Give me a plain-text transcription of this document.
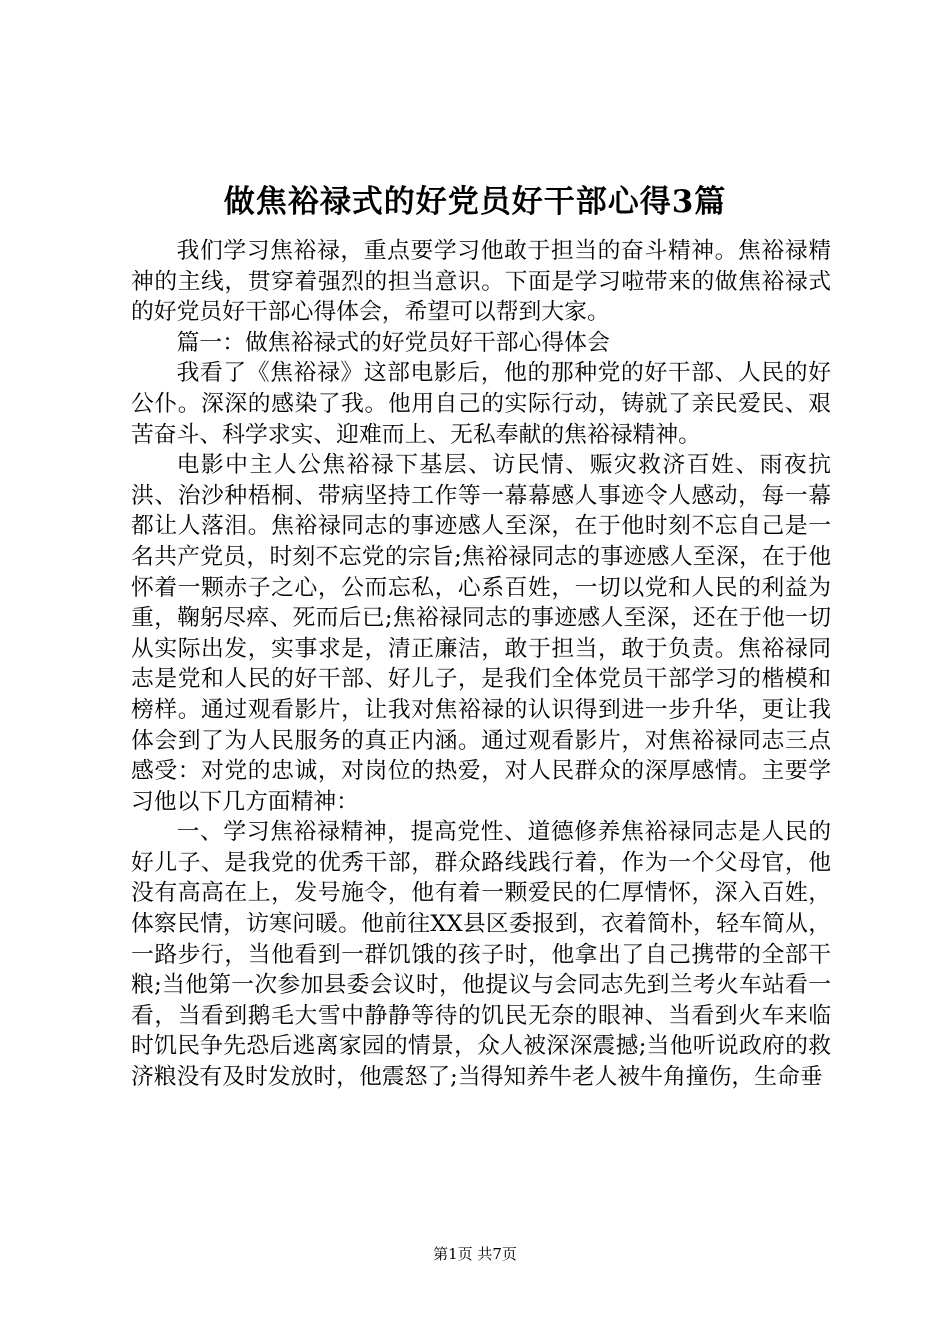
做焦裕禄式的好党员好干部心得3篇

我们学习焦裕禄，重点要学习他敢于担当的奋斗精神。焦裕禄精神的主线，贯穿着强烈的担当意识。下面是学习啦带来的做焦裕禄式的好党员好干部心得体会，希望可以帮到大家。

篇一：做焦裕禄式的好党员好干部心得体会

我看了《焦裕禄》这部电影后，他的那种党的好干部、人民的好公仆。深深的感染了我。他用自己的实际行动，铸就了亲民爱民、艰苦奋斗、科学求实、迎难而上、无私奉献的焦裕禄精神。

电影中主人公焦裕禄下基层、访民情、赈灾救济百姓、雨夜抗洪、治沙种梧桐、带病坚持工作等一幕幕感人事迹令人感动，每一幕都让人落泪。焦裕禄同志的事迹感人至深，在于他时刻不忘自己是一名共产党员，时刻不忘党的宗旨;焦裕禄同志的事迹感人至深，在于他怀着一颗赤子之心，公而忘私，心系百姓，一切以党和人民的利益为重，鞠躬尽瘁、死而后已;焦裕禄同志的事迹感人至深，还在于他一切从实际出发，实事求是，清正廉洁，敢于担当，敢于负责。焦裕禄同志是党和人民的好干部、好儿子，是我们全体党员干部学习的楷模和榜样。通过观看影片，让我对焦裕禄的认识得到进一步升华，更让我体会到了为人民服务的真正内涵。通过观看影片，对焦裕禄同志三点感受：对党的忠诚，对岗位的热爱，对人民群众的深厚感情。主要学习他以下几方面精神：

一、学习焦裕禄精神，提高党性、道德修养焦裕禄同志是人民的好儿子、是我党的优秀干部，群众路线践行着，作为一个父母官，他没有高高在上，发号施令，他有着一颗爱民的仁厚情怀，深入百姓，体察民情，访寒问暖。他前往XX县区委报到，衣着简朴，轻车简从，一路步行，当他看到一群饥饿的孩子时，他拿出了自己携带的全部干粮;当他第一次参加县委会议时，他提议与会同志先到兰考火车站看一看，当看到鹅毛大雪中静静等待的饥民无奈的眼神、当看到火车来临时饥民争先恐后逃离家园的情景，众人被深深震撼;当他听说政府的救济粮没有及时发放时，他震怒了;当得知养牛老人被牛角撞伤，生命垂

第1页 共7页
